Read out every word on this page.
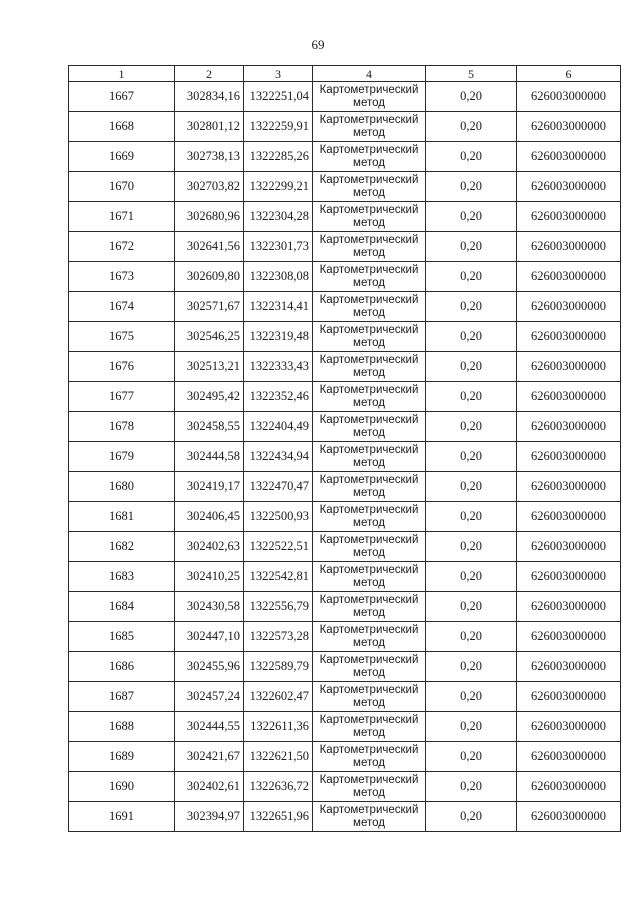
69
1	2	3	4	5	6
1667	302834,16	1322251,04	Картометрический метод	0,20	626003000000
1668	302801,12	1322259,91	Картометрический метод	0,20	626003000000
1669	302738,13	1322285,26	Картометрический метод	0,20	626003000000
1670	302703,82	1322299,21	Картометрический метод	0,20	626003000000
1671	302680,96	1322304,28	Картометрический метод	0,20	626003000000
1672	302641,56	1322301,73	Картометрический метод	0,20	626003000000
1673	302609,80	1322308,08	Картометрический метод	0,20	626003000000
1674	302571,67	1322314,41	Картометрический метод	0,20	626003000000
1675	302546,25	1322319,48	Картометрический метод	0,20	626003000000
1676	302513,21	1322333,43	Картометрический метод	0,20	626003000000
1677	302495,42	1322352,46	Картометрический метод	0,20	626003000000
1678	302458,55	1322404,49	Картометрический метод	0,20	626003000000
1679	302444,58	1322434,94	Картометрический метод	0,20	626003000000
1680	302419,17	1322470,47	Картометрический метод	0,20	626003000000
1681	302406,45	1322500,93	Картометрический метод	0,20	626003000000
1682	302402,63	1322522,51	Картометрический метод	0,20	626003000000
1683	302410,25	1322542,81	Картометрический метод	0,20	626003000000
1684	302430,58	1322556,79	Картометрический метод	0,20	626003000000
1685	302447,10	1322573,28	Картометрический метод	0,20	626003000000
1686	302455,96	1322589,79	Картометрический метод	0,20	626003000000
1687	302457,24	1322602,47	Картометрический метод	0,20	626003000000
1688	302444,55	1322611,36	Картометрический метод	0,20	626003000000
1689	302421,67	1322621,50	Картометрический метод	0,20	626003000000
1690	302402,61	1322636,72	Картометрический метод	0,20	626003000000
1691	302394,97	1322651,96	Картометрический метод	0,20	626003000000
